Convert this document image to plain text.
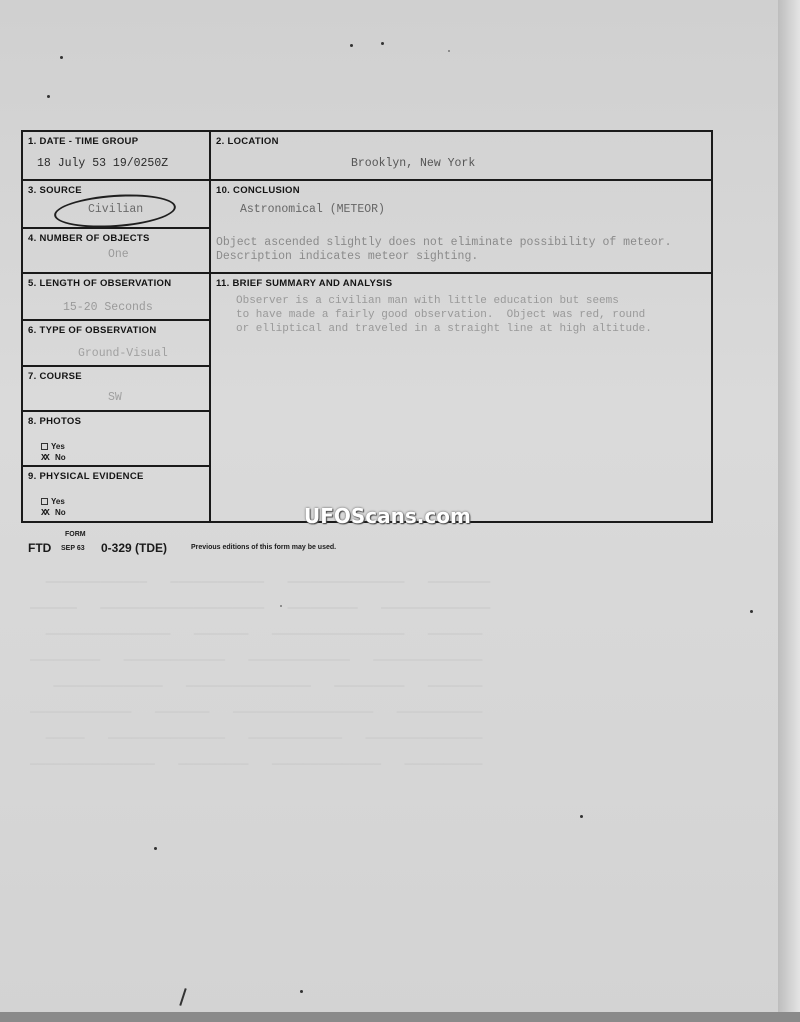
─────────────   ────────────   ───────────────   ────────
──────   ─────────────────────   ─────────   ──────────────
────────────────   ───────   ─────────────────   ───────
─────────   ─────────────   ─────────────   ──────────────
──────────────   ────────────────   ─────────   ───────
─────────────   ───────   ──────────────────   ───────────
─────   ───────────────   ────────────   ───────────────
────────────────   ─────────   ──────────────   ──────────
1. DATE - TIME GROUP
18 July 53 19/0250Z
3. SOURCE
Civilian
4. NUMBER OF OBJECTS
One
5. LENGTH OF OBSERVATION
15-20 Seconds
6. TYPE OF OBSERVATION
Ground-Visual
7. COURSE
SW
8. PHOTOS
Yes
XX No
9. PHYSICAL EVIDENCE
Yes
XX No
2. LOCATION
Brooklyn, New York
10. CONCLUSION
Astronomical (METEOR)
Object ascended slightly does not eliminate possibility of meteor.
Description indicates meteor sighting.
11. BRIEF SUMMARY AND ANALYSIS
Observer is a civilian man with little education but seems
to have made a fairly good observation.  Object was red, round
or elliptical and traveled in a straight line at high altitude.
UFOScans.com
FORM
FTD SEP 63 0-329 (TDE)	Previous editions of this form may be used.
